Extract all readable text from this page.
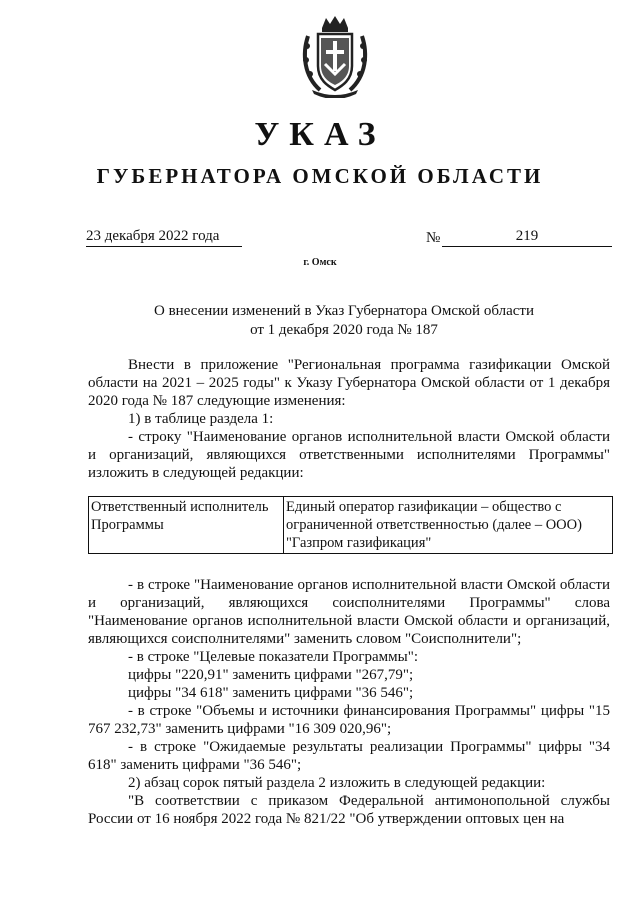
УКАЗ
ГУБЕРНАТОРА ОМСКОЙ ОБЛАСТИ
23 декабря 2022 года	№	219
г. Омск
О внесении изменений в Указ Губернатора Омской области
от 1 декабря 2020 года № 187

Внести в приложение "Региональная программа газификации Омской области на 2021 – 2025 годы" к Указу Губернатора Омской области от 1 декабря 2020 года № 187 следующие изменения:

1) в таблице раздела 1:

- строку "Наименование органов исполнительной власти Омской области и организаций, являющихся ответственными исполнителями Программы" изложить в следующей редакции:

Ответственный исполнитель Программы	Единый оператор газификации – общество с ограниченной ответственностью (далее – ООО) "Газпром газификация"

- в строке "Наименование органов исполнительной власти Омской области и организаций, являющихся соисполнителями Программы" слова "Наименование органов исполнительной власти Омской области и организаций, являющихся соисполнителями" заменить словом "Соисполнители";

- в строке "Целевые показатели Программы":

цифры "220,91" заменить цифрами "267,79";

цифры "34 618" заменить цифрами "36 546";

- в строке "Объемы и источники финансирования Программы" цифры "15 767 232,73" заменить цифрами "16 309 020,96";

- в строке "Ожидаемые результаты реализации Программы" цифры "34 618" заменить цифрами "36 546";

2) абзац сорок пятый раздела 2 изложить в следующей редакции:

"В соответствии с приказом Федеральной антимонопольной службы России от 16 ноября 2022 года № 821/22 "Об утверждении оптовых цен на
